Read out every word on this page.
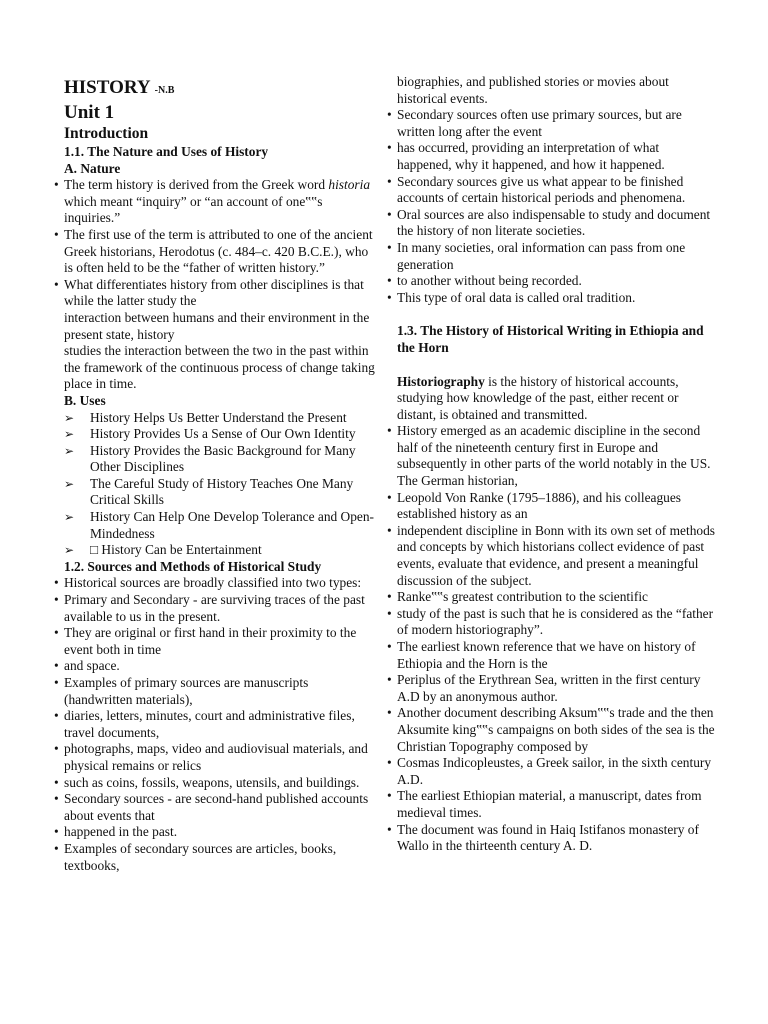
HISTORY -N.B
Unit 1
Introduction
1.1. The Nature and Uses of History
A. Nature
• The term history is derived from the Greek word historia which meant “inquiry” or “an account of one‟‟s inquiries.”
• The first use of the term is attributed to one of the ancient Greek historians, Herodotus (c. 484–c. 420 B.C.E.), who is often held to be the “father of written history.”
• What differentiates history from other disciplines is that while the latter study the
interaction between humans and their environment in the present state, history
studies the interaction between the two in the past within the framework of the continuous process of change taking place in time.
B. Uses
➢ History Helps Us Better Understand the Present
➢ History Provides Us a Sense of Our Own Identity
➢ History Provides the Basic Background for Many Other Disciplines
➢ The Careful Study of History Teaches One Many Critical Skills
➢ History Can Help One Develop Tolerance and Open-Mindedness
➢ □ History Can be Entertainment
1.2. Sources and Methods of Historical Study
• Historical sources are broadly classified into two types:
• Primary and Secondary - are surviving traces of the past available to us in the present.
• They are original or first hand in their proximity to the event both in time
• and space.
• Examples of primary sources are manuscripts (handwritten materials),
• diaries, letters, minutes, court and administrative files, travel documents,
• photographs, maps, video and audiovisual materials, and physical remains or relics
• such as coins, fossils, weapons, utensils, and buildings.
• Secondary sources - are second-hand published accounts about events that
• happened in the past.
• Examples of secondary sources are articles, books, textbooks,

biographies, and published stories or movies about historical events.

• Secondary sources often use primary sources, but are written long after the event
• has occurred, providing an interpretation of what happened, why it happened, and how it happened.
• Secondary sources give us what appear to be finished accounts of certain historical periods and phenomena.
• Oral sources are also indispensable to study and document the history of non literate societies.
• In many societies, oral information can pass from one generation
• to another without being recorded.
• This type of oral data is called oral tradition.
1.3. The History of Historical Writing in Ethiopia and the Horn

Historiography is the history of historical accounts, studying how knowledge of the past, either recent or distant, is obtained and transmitted.

• History emerged as an academic discipline in the second half of the nineteenth century first in Europe and subsequently in other parts of the world notably in the US. The German historian,
• Leopold Von Ranke (1795–1886), and his colleagues established history as an
• independent discipline in Bonn with its own set of methods and concepts by which historians collect evidence of past events, evaluate that evidence, and present a meaningful discussion of the subject.
• Ranke‟‟s greatest contribution to the scientific
• study of the past is such that he is considered as the “father of modern historiography”.
• The earliest known reference that we have on history of Ethiopia and the Horn is the
• Periplus of the Erythrean Sea, written in the first century A.D by an anonymous author.
• Another document describing Aksum‟‟s trade and the then Aksumite king‟‟s campaigns on both sides of the sea is the Christian Topography composed by
• Cosmas Indicopleustes, a Greek sailor, in the sixth century A.D.
• The earliest Ethiopian material, a manuscript, dates from medieval times.
• The document was found in Haiq Istifanos monastery of Wallo in the thirteenth century A. D.
